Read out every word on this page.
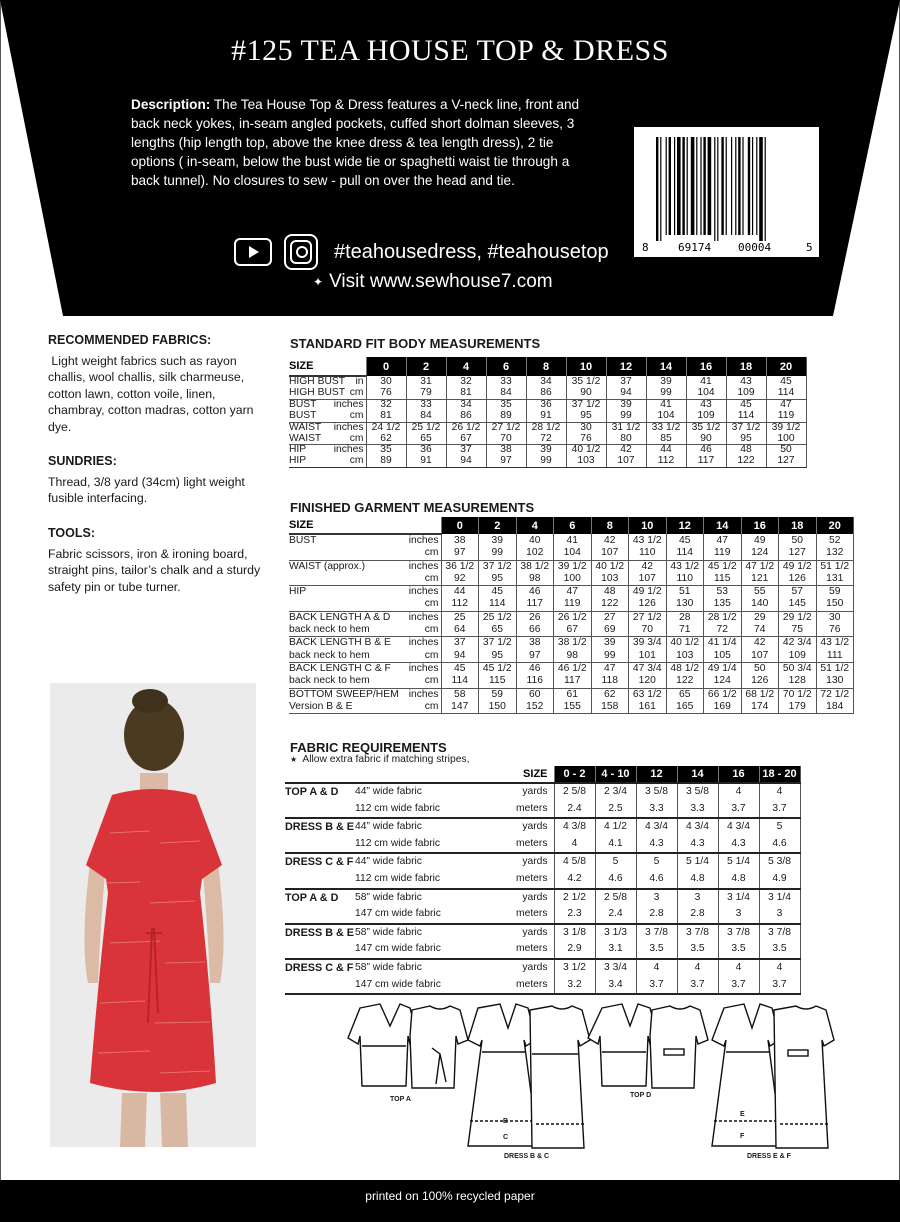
#125 TEA HOUSE TOP & DRESS
Description: The Tea House Top & Dress features a V-neck line, front and back neck yokes, in-seam angled pockets, cuffed short dolman sleeves, 3 lengths (hip length top, above the knee dress & tea length dress), 2 tie options ( in-seam, below the bust wide tie or spaghetti waist tie through a back tunnel). No closures to sew - pull on over the head and tie.
8	69174 00004	5
#teahousedress, #teahousetop
✦ Visit www.sewhouse7.com
RECOMMENDED FABRICS:
Light weight fabrics such as rayon challis, wool challis, silk charmeuse, cotton lawn, cotton voile, linen, chambray, cotton madras, cotton yarn dye.
SUNDRIES:
Thread, 3/8 yard (34cm) light weight fusible interfacing.
TOOLS:
Fabric scissors, iron & ironing board, straight pins, tailor’s chalk and a sturdy safety pin or tube turner.
STANDARD FIT BODY MEASUREMENTS
SIZE	0	2	4	6	8	10	12	14	16	18	20
HIGH BUST in	30	31	32	33	34	35 1/2	37	39	41	43	45
HIGH BUST cm	76	79	81	84	86	90	94	99	104	109	114
BUST inches	32	33	34	35	36	37 1/2	39	41	43	45	47
BUST cm	81	84	86	89	91	95	99	104	109	114	119
WAIST inches	24 1/2	25 1/2	26 1/2	27 1/2	28 1/2	30	31 1/2	33 1/2	35 1/2	37 1/2	39 1/2
WAIST cm	62	65	67	70	72	76	80	85	90	95	100
HIP inches	35	36	37	38	39	40 1/2	42	44	46	48	50
HIP cm	89	91	94	97	99	103	107	112	117	122	127
FINISHED GARMENT MEASUREMENTS
SIZE	0	2	4	6	8	10	12	14	16	18	20
BUST inches	38	39	40	41	42	43 1/2	45	47	49	50	52

cm	97	99	102	104	107	110	114	119	124	127	132
WAIST (approx.) inches	36 1/2	37 1/2	38 1/2	39 1/2	40 1/2	42	43 1/2	45 1/2	47 1/2	49 1/2	51 1/2

cm	92	95	98	100	103	107	110	115	121	126	131
HIP inches	44	45	46	47	48	49 1/2	51	53	55	57	59

cm	112	114	117	119	122	126	130	135	140	145	150
BACK LENGTH A & D inches	25	25 1/2	26	26 1/2	27	27 1/2	28	28 1/2	29	29 1/2	30
back neck to hem cm	64	65	66	67	69	70	71	72	74	75	76
BACK LENGTH B & E inches	37	37 1/2	38	38 1/2	39	39 3/4	40 1/2	41 1/4	42	42 3/4	43 1/2
back neck to hem cm	94	95	97	98	99	101	103	105	107	109	111
BACK LENGTH C & F inches	45	45 1/2	46	46 1/2	47	47 3/4	48 1/2	49 1/4	50	50 3/4	51 1/2
back neck to hem cm	114	115	116	117	118	120	122	124	126	128	130
BOTTOM SWEEP/HEM inches	58	59	60	61	62	63 1/2	65	66 1/2	68 1/2	70 1/2	72 1/2
Version B & E cm	147	150	152	155	158	161	165	169	174	179	184
FABRIC REQUIREMENTS
★ Allow extra fabric if matching stripes,

SIZE			0 - 2	4 - 10	12	14	16	18 - 20
TOP A & D	44” wide fabric	yards	2 5/8	2 3/4	3 5/8	3 5/8	4	4
	112 cm wide fabric	meters	2.4	2.5	3.3	3.3	3.7	3.7
DRESS B & E	44” wide fabric	yards	4 3/8	4 1/2	4 3/4	4 3/4	4 3/4	5
	112 cm wide fabric	meters	4	4.1	4.3	4.3	4.3	4.6
DRESS C & F	44” wide fabric	yards	4 5/8	5	5	5 1/4	5 1/4	5 3/8
	112 cm wide fabric	meters	4.2	4.6	4.6	4.8	4.8	4.9
TOP A & D	58” wide fabric	yards	2 1/2	2 5/8	3	3	3 1/4	3 1/4
	147 cm wide fabric	meters	2.3	2.4	2.8	2.8	3	3
DRESS B & E	58” wide fabric	yards	3 1/8	3 1/3	3 7/8	3 7/8	3 7/8	3 7/8
	147 cm wide fabric	meters	2.9	3.1	3.5	3.5	3.5	3.5
DRESS C & F	58” wide fabric	yards	3 1/2	3 3/4	4	4	4	4
	147 cm wide fabric	meters	3.2	3.4	3.7	3.7	3.7	3.7
TOP A
B
C
DRESS B & C
TOP D
E
F
DRESS E & F
printed on 100% recycled paper
